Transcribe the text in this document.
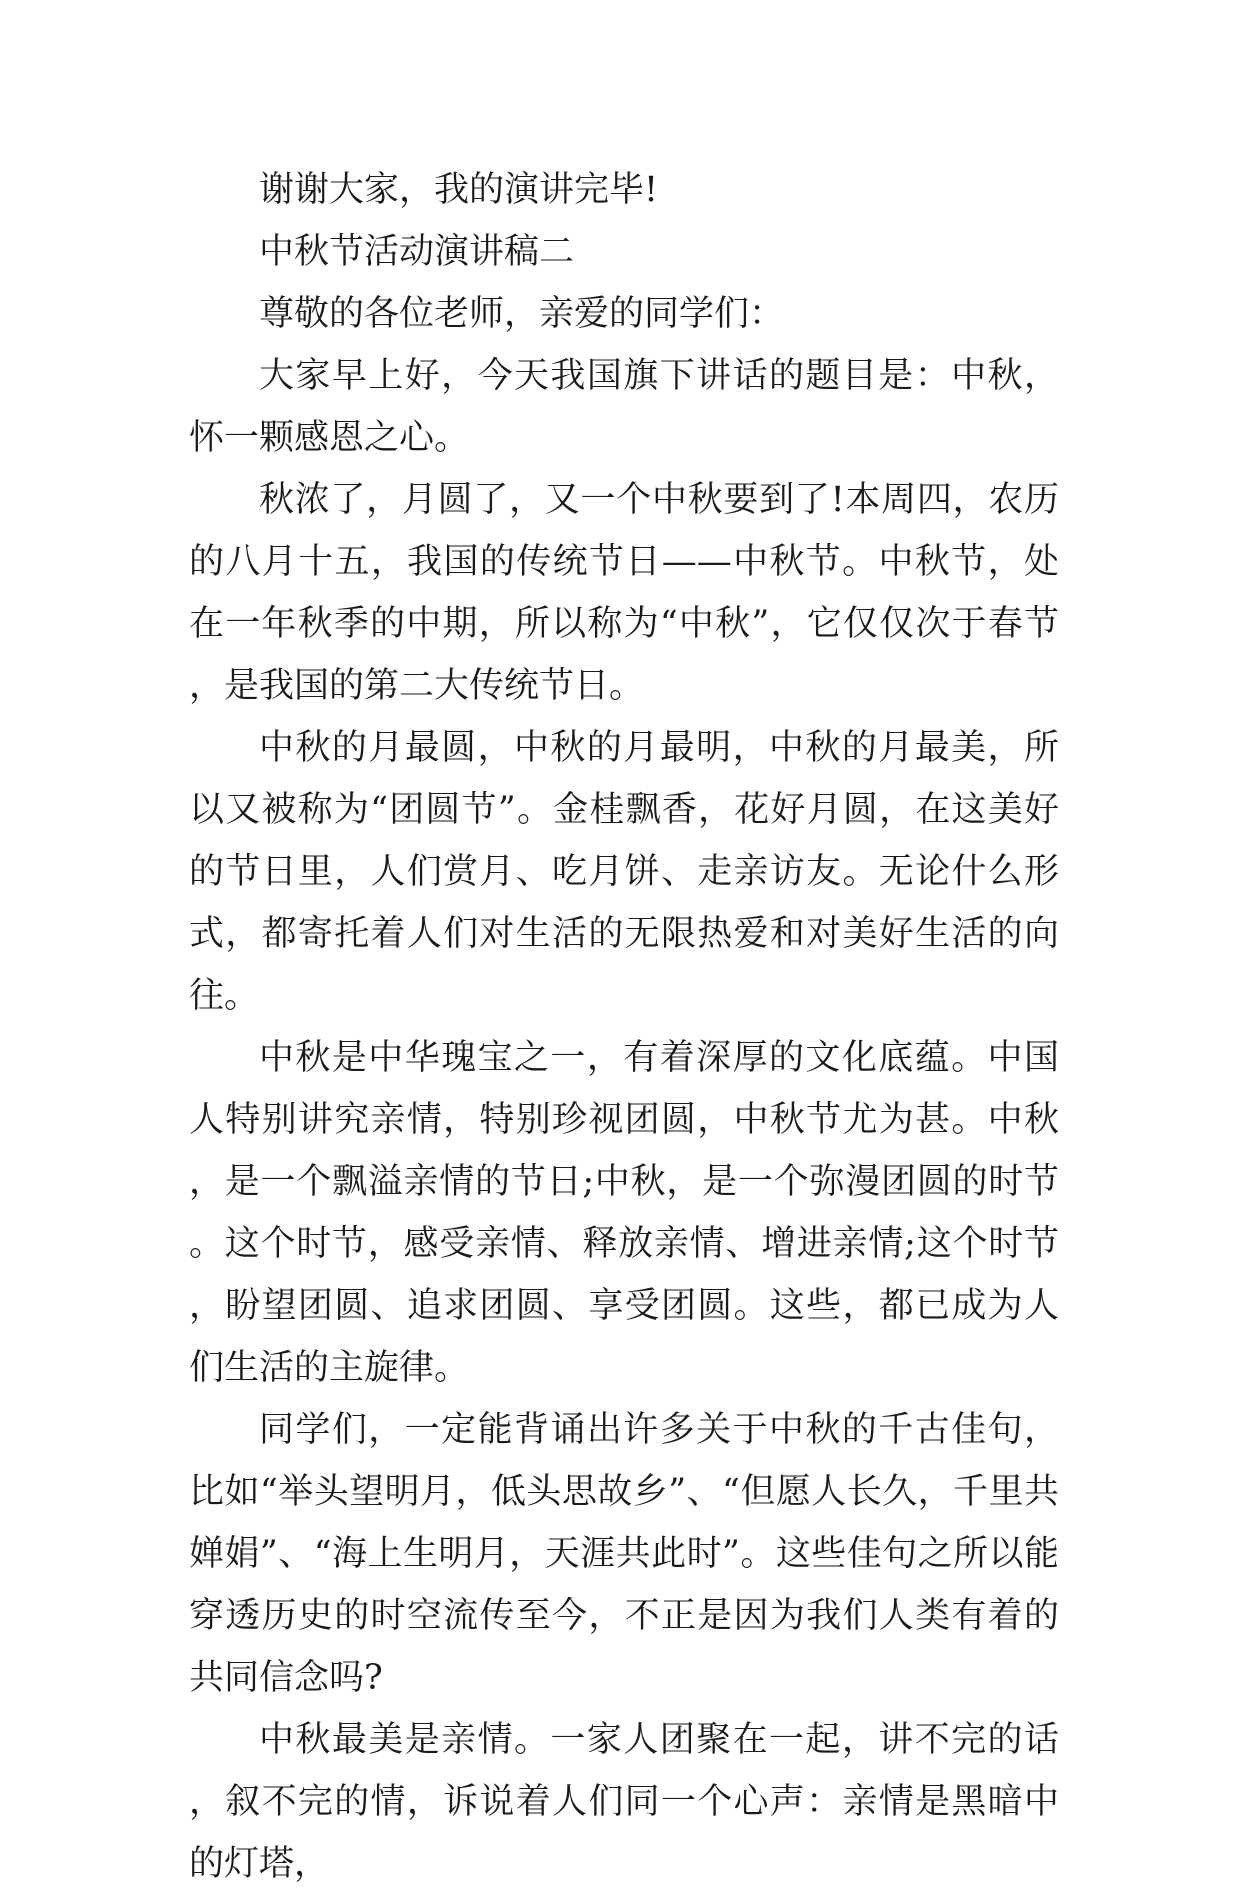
谢谢大家，我的演讲完毕!

中秋节活动演讲稿二

尊敬的各位老师，亲爱的同学们：

大家早上好，今天我国旗下讲话的题目是：中秋，怀一颗感恩之心。

秋浓了，月圆了，又一个中秋要到了!本周四，农历的八月十五，我国的传统节日——中秋节。中秋节，处在一年秋季的中期，所以称为“中秋”，它仅仅次于春节，是我国的第二大传统节日。

中秋的月最圆，中秋的月最明，中秋的月最美，所以又被称为“团圆节”。金桂飘香，花好月圆，在这美好的节日里，人们赏月、吃月饼、走亲访友。无论什么形式，都寄托着人们对生活的无限热爱和对美好生活的向往。

中秋是中华瑰宝之一，有着深厚的文化底蕴。中国人特别讲究亲情，特别珍视团圆，中秋节尤为甚。中秋，是一个飘溢亲情的节日;中秋，是一个弥漫团圆的时节。这个时节，感受亲情、释放亲情、增进亲情;这个时节，盼望团圆、追求团圆、享受团圆。这些，都已成为人们生活的主旋律。

同学们，一定能背诵出许多关于中秋的千古佳句，比如“举头望明月，低头思故乡”、“但愿人长久，千里共婵娟”、“海上生明月，天涯共此时”。这些佳句之所以能穿透历史的时空流传至今，不正是因为我们人类有着的共同信念吗?

中秋最美是亲情。一家人团聚在一起，讲不完的话，叙不完的情，诉说着人们同一个心声：亲情是黑暗中的灯塔，
